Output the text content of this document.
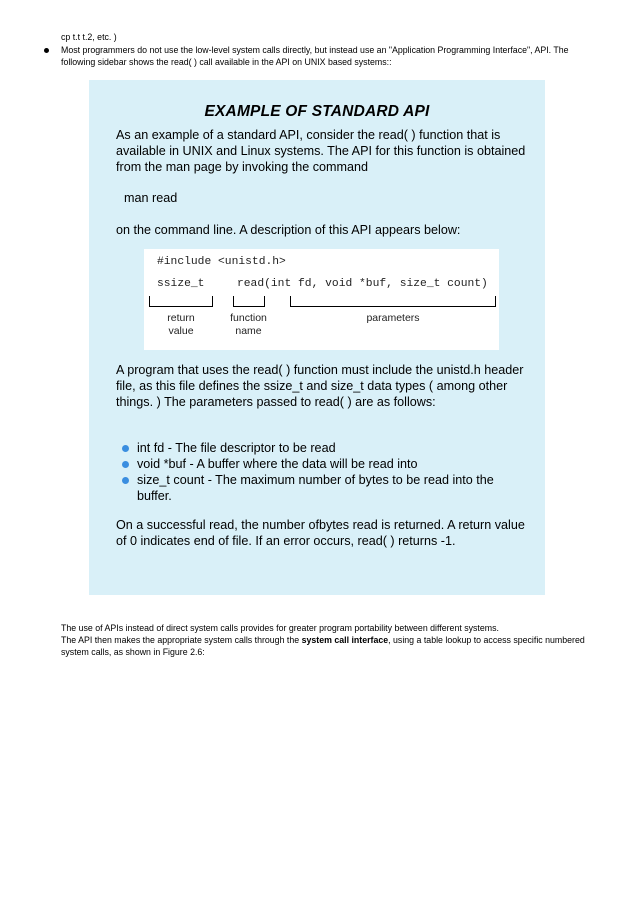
cp t.t t.2, etc. )
Most programmers do not use the low-level system calls directly, but instead use an "Application Programming Interface", API. The following sidebar shows the read( ) call available in the API on UNIX based systems::
EXAMPLE OF STANDARD API
As an example of a standard API, consider the read( ) function that is available in UNIX and Linux systems. The API for this function is obtained from the man page by invoking the command
man read
on the command line. A description of this API appears below:
#include <unistd.h>
ssize_t	read(int fd, void *buf, size_t count)
return value
function name
parameters
A program that uses the read( ) function must include the unistd.h header file, as this file defines the ssize_t and size_t data types ( among other things. ) The parameters passed to read( ) are as follows:
int fd - The file descriptor to be read
void *buf - A buffer where the data will be read into
size_t count - The maximum number of bytes to be read into the buffer.
On a successful read, the number ofbytes read is returned. A return value of 0 indicates end of file. If an error occurs, read( ) returns -1.
The use of APIs instead of direct system calls provides for greater program portability between different systems.
The API then makes the appropriate system calls through the system call interface, using a table lookup to access specific numbered system calls, as shown in Figure 2.6:
